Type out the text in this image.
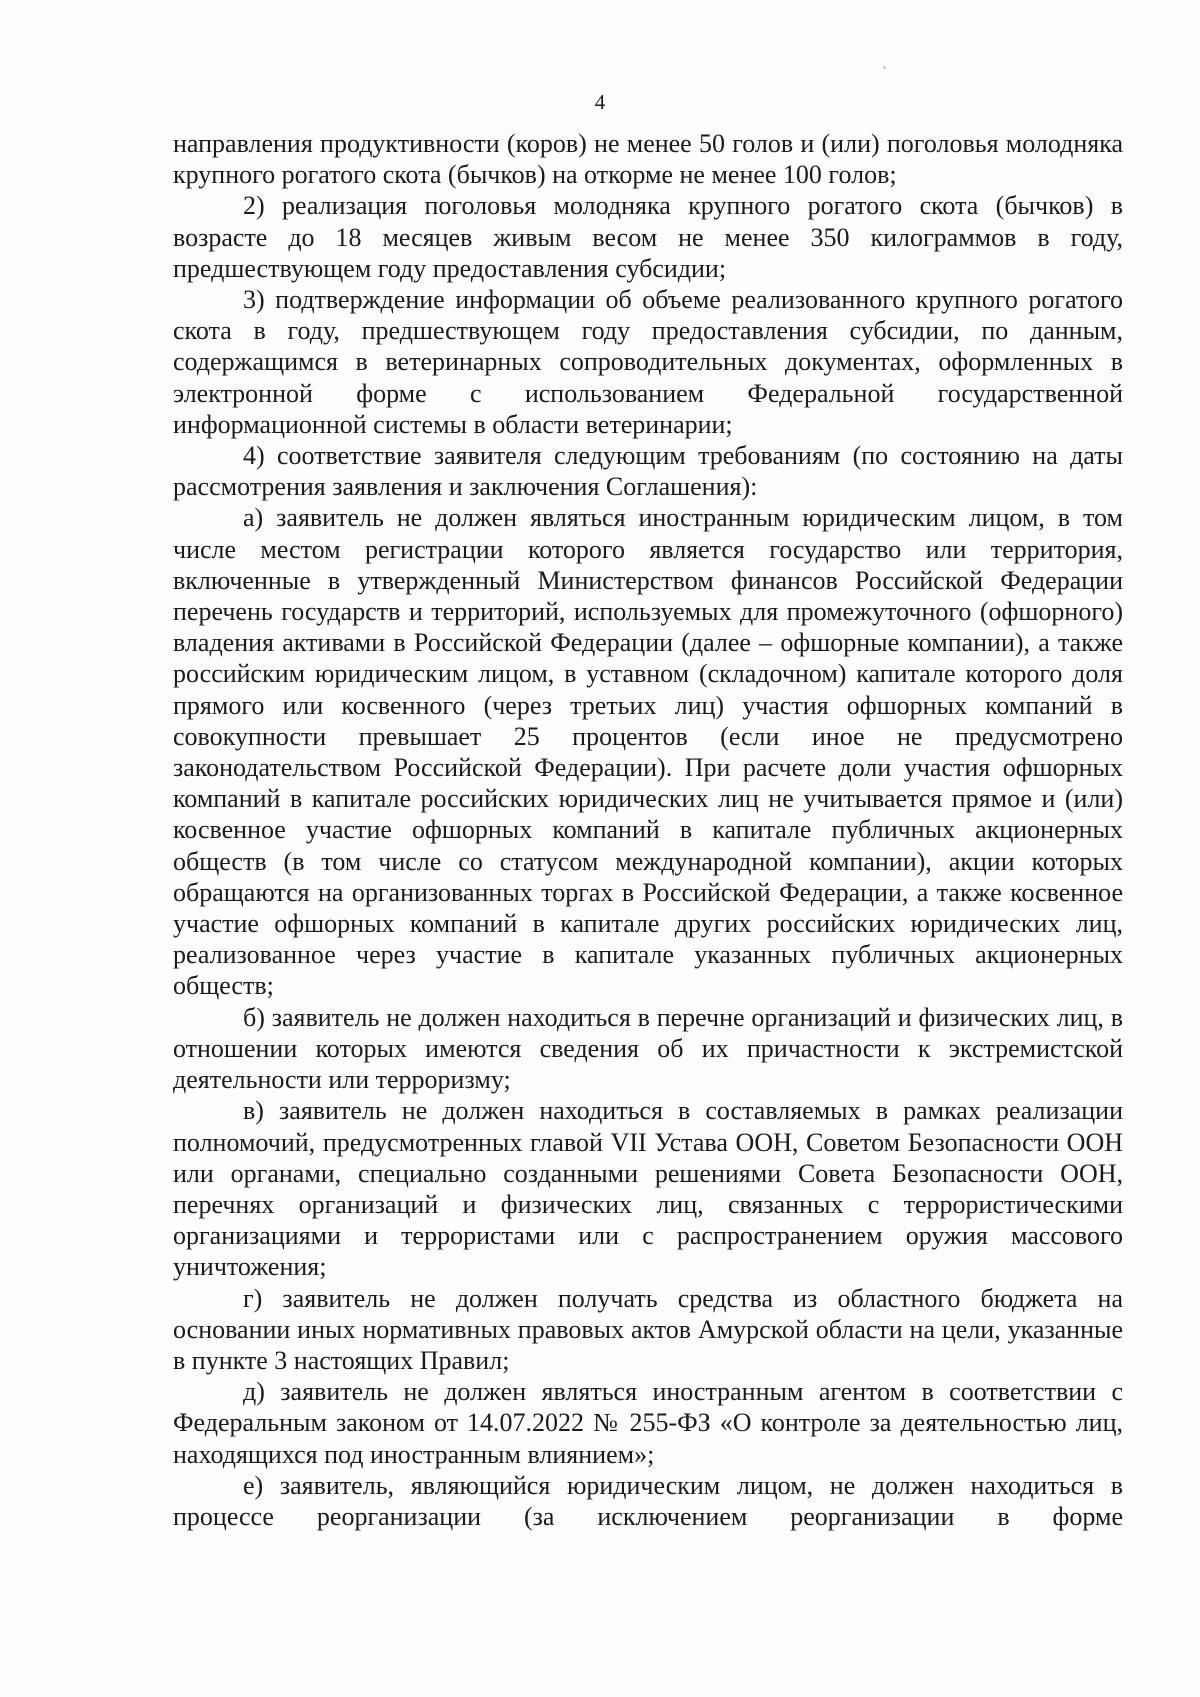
4

направления продуктивности (коров) не менее 50 голов и (или) поголовья молодняка крупного рогатого скота (бычков) на откорме не менее 100 голов;

2) реализация поголовья молодняка крупного рогатого скота (бычков) в возрасте до 18 месяцев живым весом не менее 350 килограммов в году, предшествующем году предоставления субсидии;

3) подтверждение информации об объеме реализованного крупного рогатого скота в году, предшествующем году предоставления субсидии, по данным, содержащимся в ветеринарных сопроводительных документах, оформленных в электронной форме с использованием Федеральной государственной информационной системы в области ветеринарии;

4) соответствие заявителя следующим требованиям (по состоянию на даты рассмотрения заявления и заключения Соглашения):

а) заявитель не должен являться иностранным юридическим лицом, в том числе местом регистрации которого является государство или территория, включенные в утвержденный Министерством финансов Российской Федерации перечень государств и территорий, используемых для промежуточного (офшорного) владения активами в Российской Федерации (далее – офшорные компании), а также российским юридическим лицом, в уставном (складочном) капитале которого доля прямого или косвенного (через третьих лиц) участия офшорных компаний в совокупности превышает 25 процентов (если иное не предусмотрено законодательством Российской Федерации). При расчете доли участия офшорных компаний в капитале российских юридических лиц не учитывается прямое и (или) косвенное участие офшорных компаний в капитале публичных акционерных обществ (в том числе со статусом международной компании), акции которых обращаются на организованных торгах в Российской Федерации, а также косвенное участие офшорных компаний в капитале других российских юридических лиц, реализованное через участие в капитале указанных публичных акционерных обществ;

б) заявитель не должен находиться в перечне организаций и физических лиц, в отношении которых имеются сведения об их причастности к экстремистской деятельности или терроризму;

в) заявитель не должен находиться в составляемых в рамках реализации полномочий, предусмотренных главой VII Устава ООН, Советом Безопасности ООН или органами, специально созданными решениями Совета Безопасности ООН, перечнях организаций и физических лиц, связанных с террористическими организациями и террористами или с распространением оружия массового уничтожения;

г) заявитель не должен получать средства из областного бюджета на основании иных нормативных правовых актов Амурской области на цели, указанные в пункте 3 настоящих Правил;

д) заявитель не должен являться иностранным агентом в соответствии с Федеральным законом от 14.07.2022 № 255-ФЗ «О контроле за деятельностью лиц, находящихся под иностранным влиянием»;

е) заявитель, являющийся юридическим лицом, не должен находиться в процессе реорганизации (за исключением реорганизации в форме
